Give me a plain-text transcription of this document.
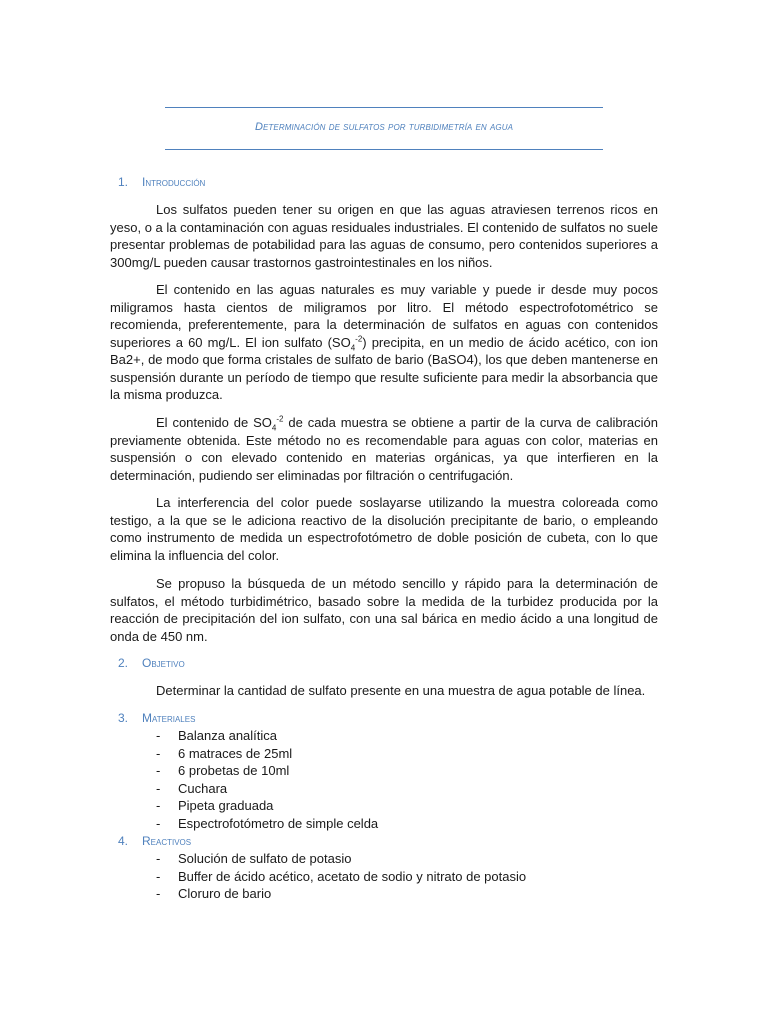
Determinación de sulfatos por turbidimetría en agua
1. Introducción

Los sulfatos pueden tener su origen en que las aguas atraviesen terrenos ricos en yeso, o a la contaminación con aguas residuales industriales. El contenido de sulfatos no suele presentar problemas de potabilidad para las aguas de consumo, pero contenidos superiores a 300mg/L pueden causar trastornos gastrointestinales en los niños.

El contenido en las aguas naturales es muy variable y puede ir desde muy pocos miligramos hasta cientos de miligramos por litro. El método espectrofotométrico se recomienda, preferentemente, para la determinación de sulfatos en aguas con contenidos superiores a 60 mg/L. El ion sulfato $(SO_4^{-2})$ precipita, en un medio de ácido acético, con ion Ba2+, de modo que forma cristales de sulfato de bario (BaSO4), los que deben mantenerse en suspensión durante un período de tiempo que resulte suficiente para medir la absorbancia que la misma produzca.

El contenido de $SO_4^{-2}$ de cada muestra se obtiene a partir de la curva de calibración previamente obtenida. Este método no es recomendable para aguas con color, materias en suspensión o con elevado contenido en materias orgánicas, ya que interfieren en la determinación, pudiendo ser eliminadas por filtración o centrifugación.

La interferencia del color puede soslayarse utilizando la muestra coloreada como testigo, a la que se le adiciona reactivo de la disolución precipitante de bario, o empleando como instrumento de medida un espectrofotómetro de doble posición de cubeta, con lo que elimina la influencia del color.

Se propuso la búsqueda de un método sencillo y rápido para la determinación de sulfatos, el método turbidimétrico, basado sobre la medida de la turbidez producida por la reacción de precipitación del ion sulfato, con una sal bárica en medio ácido a una longitud de onda de 450 nm.

2. Objetivo

Determinar la cantidad de sulfato presente en una muestra de agua potable de línea.

3. Materiales
- Balanza analítica
- 6 matraces de 25ml
- 6 probetas de 10ml
- Cuchara
- Pipeta graduada
- Espectrofotómetro de simple celda
4. Reactivos
- Solución de sulfato de potasio
- Buffer de ácido acético, acetato de sodio y nitrato de potasio
- Cloruro de bario
